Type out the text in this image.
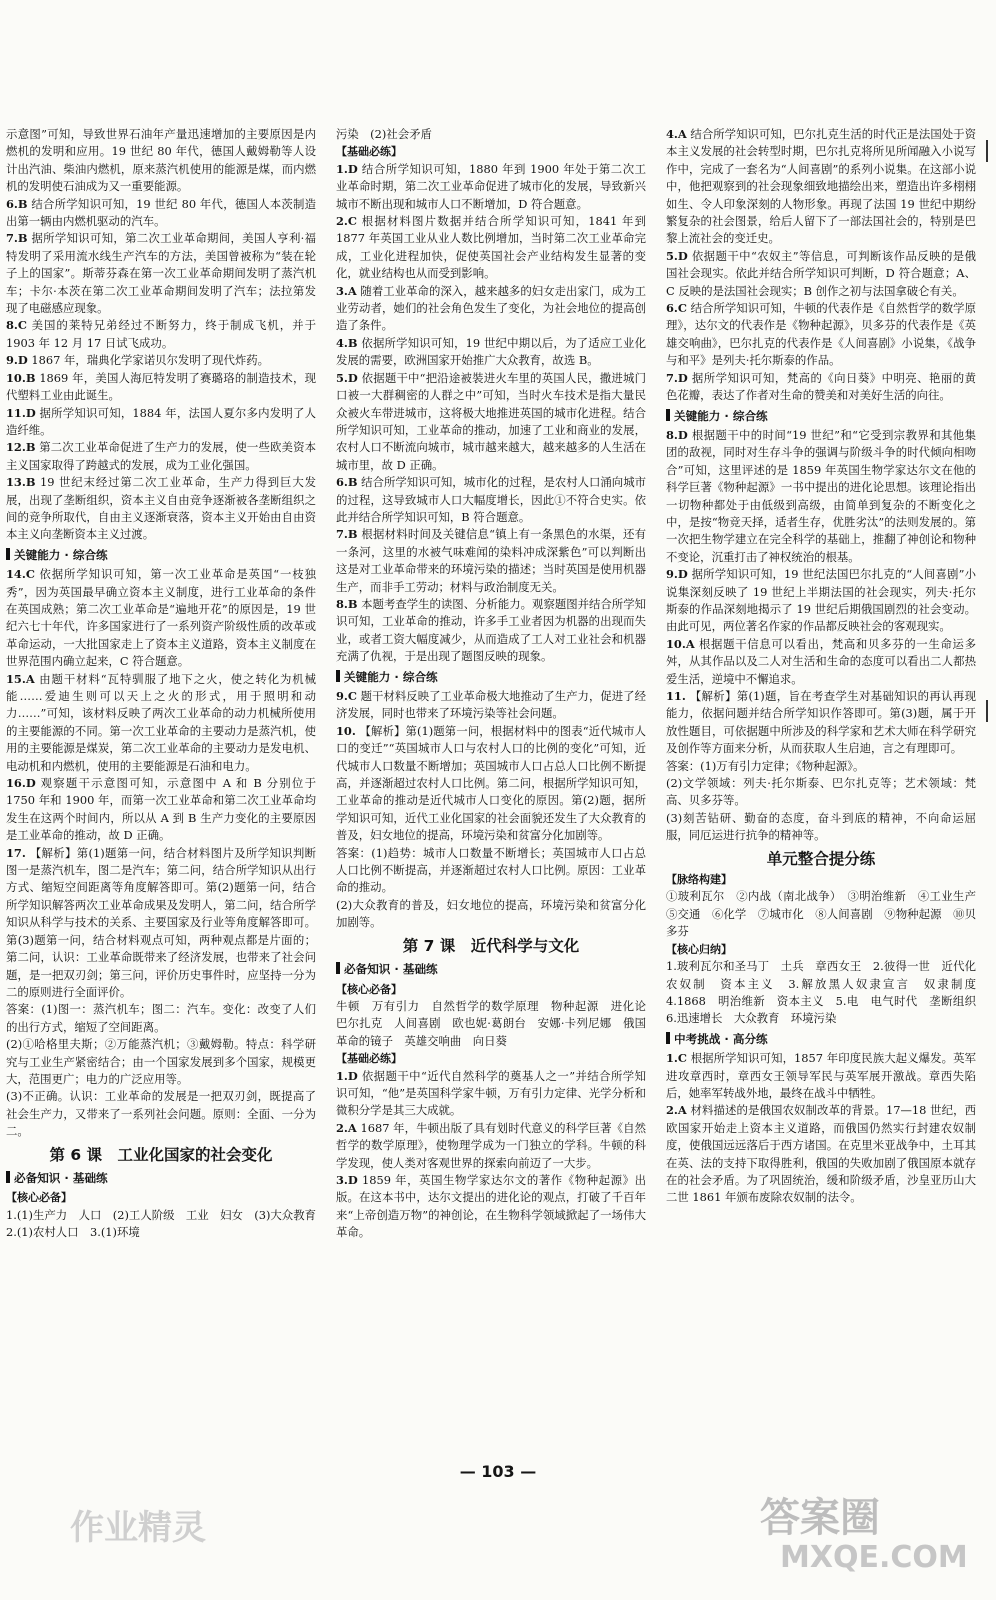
示意图”可知，导致世界石油年产量迅速增加的主要原因是内燃机的发明和应用。19 世纪 80 年代，德国人戴姆勒等人设计出汽油、柴油内燃机，原来蒸汽机使用的能源是煤，而内燃机的发明使石油成为又一重要能源。

6.B 结合所学知识可知，19 世纪 80 年代，德国人本茨制造出第一辆由内燃机驱动的汽车。

7.B 据所学知识可知，第二次工业革命期间，美国人亨利·福特发明了采用流水线生产汽车的方法，美国曾被称为“装在轮子上的国家”。斯蒂芬森在第一次工业革命期间发明了蒸汽机车；卡尔·本茨在第二次工业革命期间发明了汽车；法拉第发现了电磁感应现象。

8.C 美国的莱特兄弟经过不断努力，终于制成飞机，并于 1903 年 12 月 17 日试飞成功。

9.D 1867 年，瑞典化学家诺贝尔发明了现代炸药。

10.B 1869 年，美国人海厄特发明了赛璐珞的制造技术，现代塑料工业由此诞生。

11.D 据所学知识可知，1884 年，法国人夏尔多内发明了人造纤维。

12.B 第二次工业革命促进了生产力的发展，使一些欧美资本主义国家取得了跨越式的发展，成为工业化强国。

13.B 19 世纪末经过第二次工业革命，生产力得到巨大发展，出现了垄断组织，资本主义自由竞争逐渐被各垄断组织之间的竞争所取代，自由主义逐渐衰落，资本主义开始由自由资本主义向垄断资本主义过渡。

关键能力 · 综合练

14.C 依据所学知识可知，第一次工业革命是英国“一枝独秀”，因为英国最早确立资本主义制度，进行工业革命的条件在英国成熟；第二次工业革命是“遍地开花”的原因是，19 世纪六七十年代，许多国家进行了一系列资产阶级性质的改革或革命运动，一大批国家走上了资本主义道路，资本主义制度在世界范围内确立起来，C 符合题意。

15.A 由题干材料“瓦特驯服了地下之火，使之转化为机械能……爱迪生则可以天上之火的形式，用于照明和动力……”可知，该材料反映了两次工业革命的动力机械所使用的主要能源的不同。第一次工业革命的主要动力是蒸汽机，使用的主要能源是煤炭，第二次工业革命的主要动力是发电机、电动机和内燃机，使用的主要能源是石油和电力。

16.D 观察题干示意图可知，示意图中 A 和 B 分别位于 1750 年和 1900 年，而第一次工业革命和第二次工业革命均发生在这两个时间内，所以从 A 到 B 生产力变化的主要原因是工业革命的推动，故 D 正确。

17. 【解析】第(1)题第一问，结合材料图片及所学知识判断图一是蒸汽机车，图二是汽车；第二问，结合所学知识从出行方式、缩短空间距离等角度解答即可。第(2)题第一问，结合所学知识解答两次工业革命成果及发明人，第二问，结合所学知识从科学与技术的关系、主要国家及行业等角度解答即可。第(3)题第一问，结合材料观点可知，两种观点都是片面的；第二问，认识：工业革命既带来了经济发展，也带来了社会问题，是一把双刃剑；第三问，评价历史事件时，应坚持一分为二的原则进行全面评价。

答案：(1)图一：蒸汽机车；图二：汽车。变化：改变了人们的出行方式，缩短了空间距离。

(2)①哈格里夫斯；②万能蒸汽机；③戴姆勒。特点：科学研究与工业生产紧密结合；由一个国家发展到多个国家，规模更大，范围更广；电力的广泛应用等。

(3)不正确。认识：工业革命的发展是一把双刃剑，既提高了社会生产力，又带来了一系列社会问题。原则：全面、一分为二。

第 6 课　工业化国家的社会变化
必备知识 · 基础练
【核心必备】

1.(1)生产力　人口　(2)工人阶级　工业　妇女　(3)大众教育　2.(1)农村人口　3.(1)环境

污染　(2)社会矛盾

【基础必练】

1.D 结合所学知识可知，1880 年到 1900 年处于第二次工业革命时期，第二次工业革命促进了城市化的发展，导致新兴城市不断出现和城市人口不断增加，D 符合题意。

2.C 根据材料图片数据并结合所学知识可知，1841 年到 1877 年英国工业从业人数比例增加，当时第二次工业革命完成，工业化进程加快，促使英国社会产业结构发生显著的变化，就业结构也从而受到影响。

3.A 随着工业革命的深入，越来越多的妇女走出家门，成为工业劳动者，她们的社会角色发生了变化，为社会地位的提高创造了条件。

4.B 依据所学知识可知，19 世纪中期以后，为了适应工业化发展的需要，欧洲国家开始推广大众教育，故选 B。

5.D 依据题干中“把沿途被裝进火车里的英国人民，撒进城门口被一大群稠密的人群之中”可知，当时火车技术是指大量民众被火车带进城市，这将极大地推进英国的城市化进程。结合所学知识可知，工业革命的推动，加速了工业和商业的发展，农村人口不断流向城市，城市越来越大，越来越多的人生活在城市里，故 D 正确。

6.B 结合所学知识可知，城市化的过程，是农村人口涌向城市的过程，这导致城市人口大幅度增长，因此①不符合史实。依此并结合所学知识可知，B 符合题意。

7.B 根据材料时间及关键信息“镇上有一条黑色的水渠，还有一条河，这里的水被气味难闻的染料冲成深紫色”可以判断出这是对工业革命带来的环境污染的描述；当时英国是使用机器生产，而非手工劳动；材料与政治制度无关。

8.B 本题考查学生的读图、分析能力。观察题图并结合所学知识可知，工业革命的推动，许多手工业者因为机器的出现而失业，或者工资大幅度减少，从而造成了工人对工业社会和机器充满了仇视，于是出现了题图反映的现象。

关键能力 · 综合练

9.C 题干材料反映了工业革命极大地推动了生产力，促进了经济发展，同时也带来了环境污染等社会问题。

10. 【解析】第(1)题第一问，根据材料中的图表“近代城市人口的变迁”“英国城市人口与农村人口的比例的变化”可知，近代城市人口数量不断增加；英国城市人口占总人口比例不断提高，并逐渐超过农村人口比例。第二问，根据所学知识可知，工业革命的推动是近代城市人口变化的原因。第(2)题，据所学知识可知，近代工业化国家的社会面貌还发生了大众教育的普及，妇女地位的提高，环境污染和贫富分化加剧等。

答案：(1)趋势：城市人口数量不断增长；英国城市人口占总人口比例不断提高，并逐渐超过农村人口比例。原因：工业革命的推动。

(2)大众教育的普及，妇女地位的提高，环境污染和贫富分化加剧等。

第 7 课　近代科学与文化
必备知识 · 基础练
【核心必备】

牛顿　万有引力　自然哲学的数学原理　物种起源　进化论　巴尔扎克　人间喜剧　欧也妮·葛朗台　安娜·卡列尼娜　俄国革命的镜子　英雄交响曲　向日葵

【基础必练】

1.D 依据题干中“近代自然科学的奠基人之一”并结合所学知识可知，“他”是英国科学家牛顿，万有引力定律、光学分析和微积分学是其三大成就。

2.A 1687 年，牛顿出版了具有划时代意义的科学巨著《自然哲学的数学原理》，使物理学成为一门独立的学科。牛顿的科学发现，使人类对客观世界的探索向前迈了一大步。

3.D 1859 年，英国生物学家达尔文的著作《物种起源》出版。在这本书中，达尔文提出的进化论的观点，打破了千百年来“上帝创造万物”的神创论，在生物科学领域掀起了一场伟大革命。

4.A 结合所学知识可知，巴尔扎克生活的时代正是法国处于资本主义发展的社会转型时期，巴尔扎克将所见所闻融入小说写作中，完成了一套名为“人间喜剧”的系列小说集。在这部小说中，他把观察到的社会现象细致地描绘出来，塑造出许多栩栩如生、令人印象深刻的人物形象。再现了法国 19 世纪中期纷繁复杂的社会图景，给后人留下了一部法国社会的，特别是巴黎上流社会的变迁史。

5.D 依据题干中“农奴主”等信息，可判断该作品反映的是俄国社会现实。依此并结合所学知识可判断，D 符合题意；A、C 反映的是法国社会现实；B 创作之初与法国拿破仑有关。

6.C 结合所学知识可知，牛顿的代表作是《自然哲学的数学原理》，达尔文的代表作是《物种起源》，贝多芬的代表作是《英雄交响曲》，巴尔扎克的代表作是《人间喜剧》小说集，《战争与和平》是列夫·托尔斯泰的作品。

7.D 据所学知识可知，梵高的《向日葵》中明亮、艳丽的黄色花瓣，表达了作者对生命的赞美和对美好生活的向往。

关键能力 · 综合练

8.D 根据题干中的时间“19 世纪”和“它受到宗教界和其他集团的敌视，同时对生存斗争的强调与阶级斗争的时代倾向相吻合”可知，这里评述的是 1859 年英国生物学家达尔文在他的科学巨著《物种起源》一书中提出的进化论思想。该理论指出一切物种都处于由低级到高级，由简单到复杂的不断变化之中，是按“物竞天择，适者生存，优胜劣汰”的法则发展的。第一次把生物学建立在完全科学的基础上，推翻了神创论和物种不变论，沉重打击了神权统治的根基。

9.D 据所学知识可知，19 世纪法国巴尔扎克的“人间喜剧”小说集深刻反映了 19 世纪上半期法国的社会现实，列夫·托尔斯泰的作品深刻地揭示了 19 世纪后期俄国剧烈的社会变动。由此可见，两位著名作家的作品都反映社会的客观现实。

10.A 根据题干信息可以看出，梵高和贝多芬的一生命运多舛，从其作品以及二人对生活和生命的态度可以看出二人都热爱生活，逆境中不懈追求。

11. 【解析】第(1)题，旨在考查学生对基础知识的再认再现能力，依据问题并结合所学知识作答即可。第(3)题，属于开放性题目，可依据题中所涉及的科学家和艺术大师在科学研究及创作等方面来分析，从而获取人生启迪，言之有理即可。

答案：(1)万有引力定律；《物种起源》。

(2)文学领域：列夫·托尔斯泰、巴尔扎克等；艺术领域：梵高、贝多芬等。

(3)刻苦钻研、勤奋的态度，奋斗到底的精神，不向命运屈服，同厄运进行抗争的精神等。

单元整合提分练
【脉络构建】

①玻利瓦尔　②内战（南北战争）　③明治维新　④工业生产　⑤交通　⑥化学　⑦城市化　⑧人间喜剧　⑨物种起源　⑩贝多芬

【核心归纳】

1.玻利瓦尔和圣马丁　土兵　章西女王　2.彼得一世　近代化　农奴制　资本主义　3.解放黑人奴隶宣言　奴隶制度　4.1868　明治维新　资本主义　5.电　电气时代　垄断组织　6.迅速增长　大众教育　环境污染

中考挑战 · 高分练

1.C 根据所学知识可知，1857 年印度民族大起义爆发。英军进攻章西时，章西女王领导军民与英军展开激战。章西失陷后，她率军转战外地，最终在战斗中牺牲。

2.A 材料描述的是俄国农奴制改革的背景。17—18 世纪，西欧国家开始走上资本主义道路，而俄国仍然实行封建农奴制度，使俄国远远落后于西方诸国。在克里米亚战争中，土耳其在英、法的支持下取得胜利，俄国的失败加剧了俄国原本就存在的社会矛盾。为了巩固统治，缓和阶级矛盾，沙皇亚历山大二世 1861 年颁布废除农奴制的法令。

— 103 —
作业精灵	答案圈
MXQE.COM
